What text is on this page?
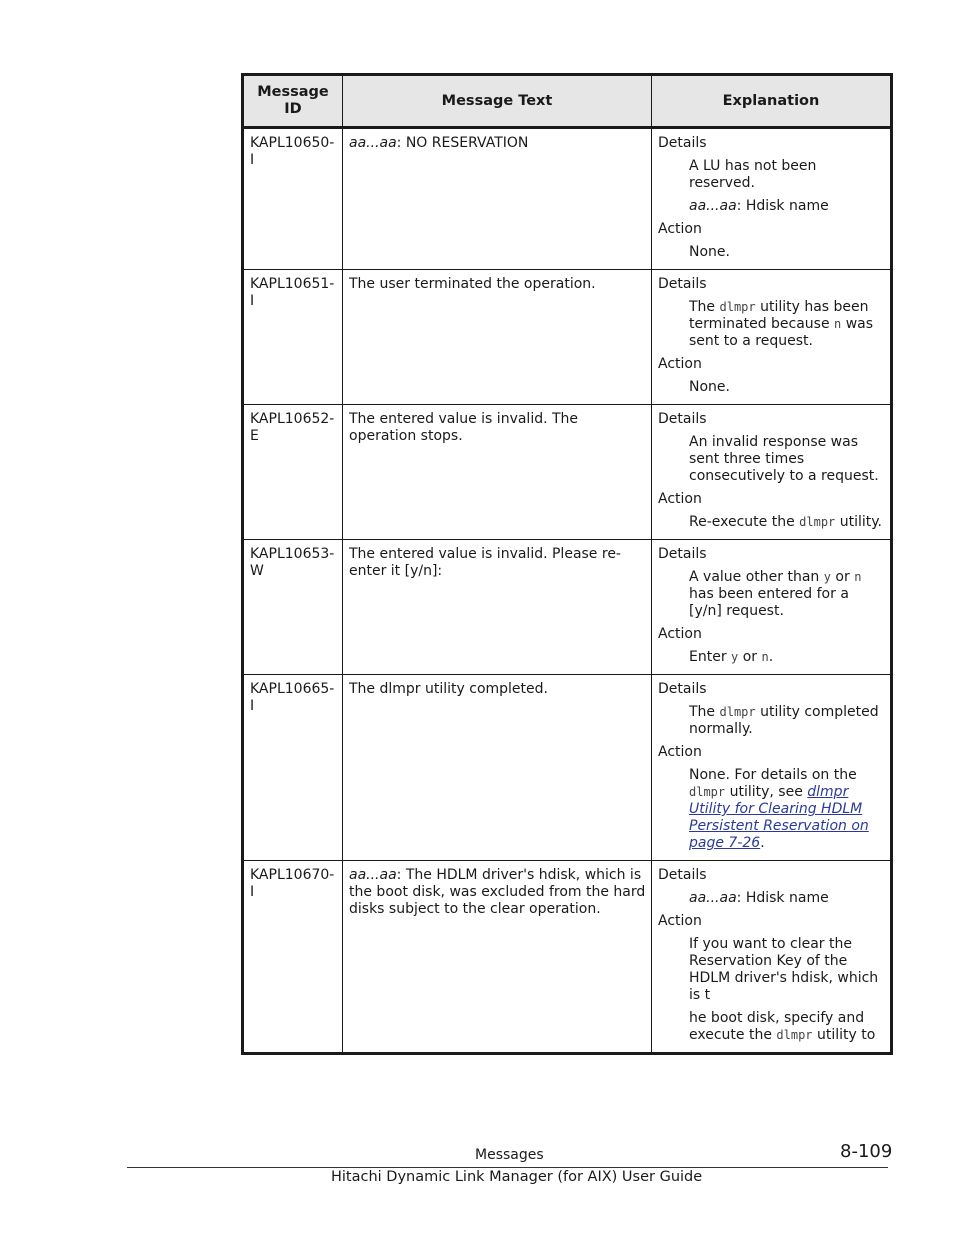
Message ID	Message Text	Explanation
KAPL10650-I	aa...aa: NO RESERVATION	Details
A LU has not been reserved.
aa...aa: Hdisk name
Action
None.

KAPL10651-I	The user terminated the operation.	Details
The dlmpr utility has been terminated because n was sent to a request.
Action
None.

KAPL10652-E	The entered value is invalid. The operation stops.	Details
An invalid response was sent three times consecutively to a request.
Action
Re-execute the dlmpr utility.

KAPL10653-W	The entered value is invalid. Please re-enter it [y/n]:	Details
A value other than y or n has been entered for a [y/n] request.
Action
Enter y or n.

KAPL10665-I	The dlmpr utility completed.	Details
The dlmpr utility completed normally.
Action
None. For details on the dlmpr utility, see dlmpr Utility for Clearing HDLM Persistent Reservation on page 7-26.

KAPL10670-I	aa...aa: The HDLM driver's hdisk, which is the boot disk, was excluded from the hard disks subject to the clear operation.	Details
aa...aa: Hdisk name
Action
If you want to clear the Reservation Key of the HDLM driver's hdisk, which is t
he boot disk, specify and execute the dlmpr utility to
Messages	8-109
Hitachi Dynamic Link Manager (for AIX) User Guide
